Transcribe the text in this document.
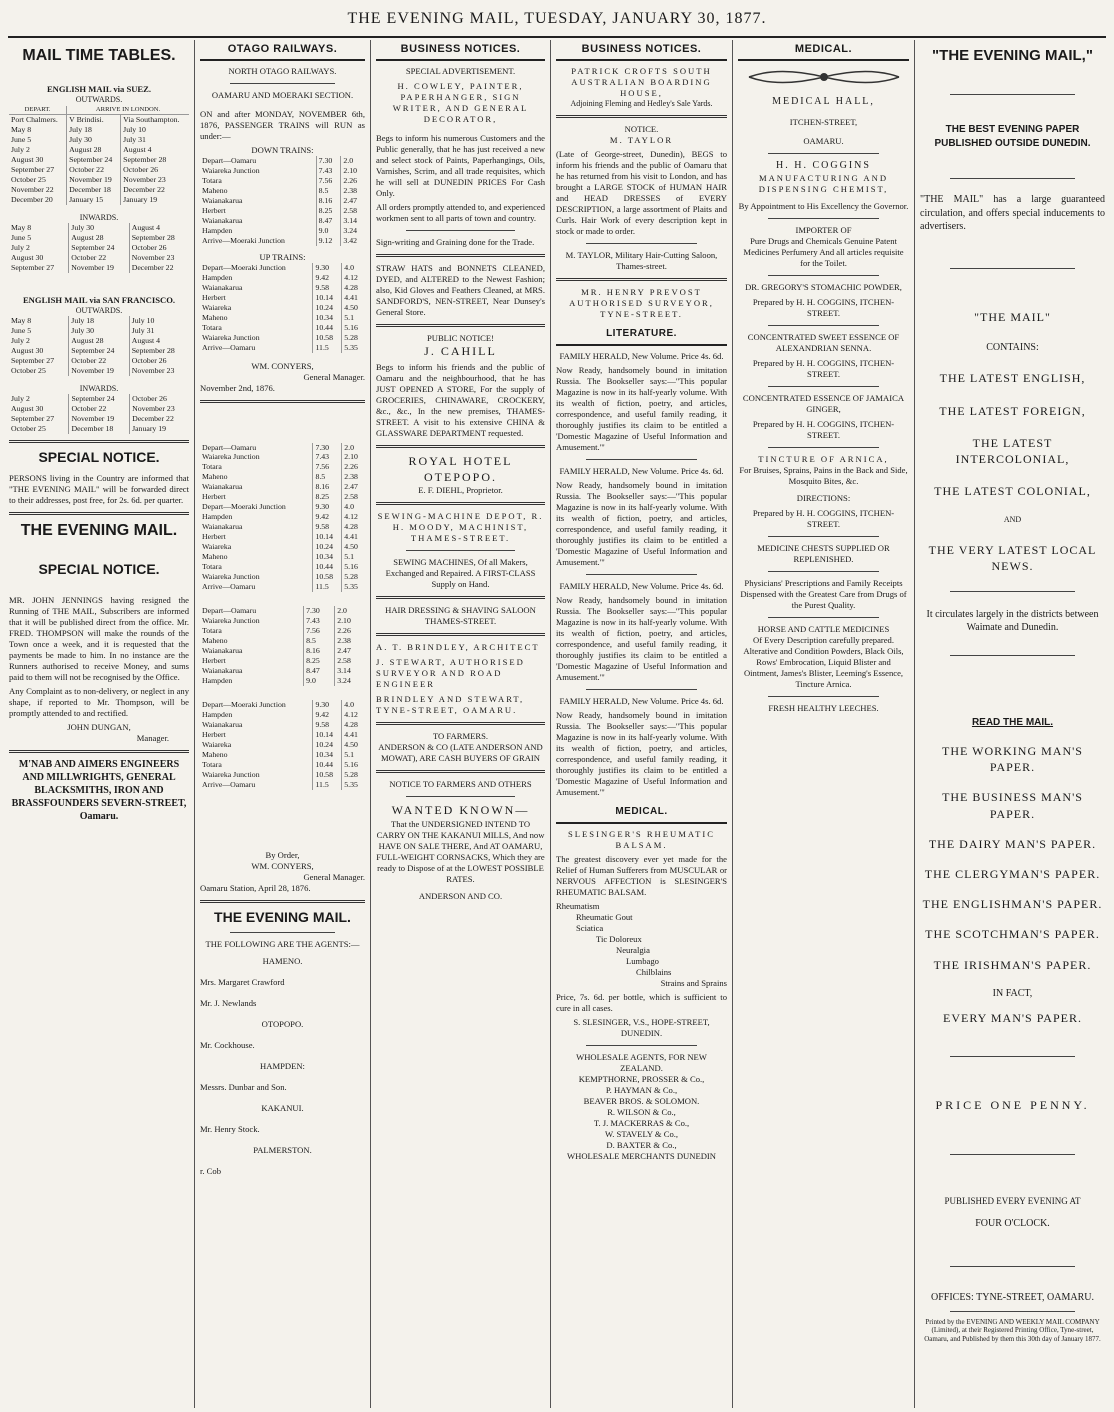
THE EVENING MAIL, TUESDAY, JANUARY 30, 1877.
MAIL TIME TABLES.
ENGLISH MAIL via SUEZ.
OUTWARDS.
DEPART.	ARRIVE IN LONDON.	
Port Chalmers.	V Brindisi.	Via Southampton.
May 8	July 18	July 10
June 5	July 30	July 31
July 2	August 28	August 4
August 30	September 24	September 28
September 27	October 22	October 26
October 25	November 19	November 23
November 22	December 18	December 22
December 20	January 15	January 19
INWARDS.
May 8	July 30	August 4
June 5	August 28	September 28
July 2	September 24	October 26
August 30	October 22	November 23
September 27	November 19	December 22
ENGLISH MAIL via SAN FRANCISCO.
OUTWARDS.
May 8	July 18	July 10
June 5	July 30	July 31
July 2	August 28	August 4
August 30	September 24	September 28
September 27	October 22	October 26
October 25	November 19	November 23
INWARDS.
July 2	September 24	October 26
August 30	October 22	November 23
September 27	November 19	December 22
October 25	December 18	January 19
SPECIAL NOTICE.

PERSONS living in the Country are informed that "THE EVENING MAIL" will be forwarded direct to their addresses, post free, for 2s. 6d. per quarter.

THE EVENING MAIL.
SPECIAL NOTICE.

MR. JOHN JENNINGS having resigned the Running of THE MAIL, Subscribers are informed that it will be published direct from the office. Mr. FRED. THOMPSON will make the rounds of the Town once a week, and it is requested that the payments be made to him. In no instance are the Runners authorised to receive Money, and sums paid to them will not be recognised by the Office.

Any Complaint as to non-delivery, or neglect in any shape, if reported to Mr. Thompson, will be promptly attended to and rectified.

JOHN DUNGAN,
Manager.
M'NAB AND AIMERS ENGINEERS AND MILLWRIGHTS, GENERAL BLACKSMITHS, IRON AND BRASSFOUNDERS SEVERN-STREET, Oamaru.
OTAGO RAILWAYS.
NORTH OTAGO RAILWAYS.
OAMARU AND MOERAKI SECTION.

ON and after MONDAY, NOVEMBER 6th, 1876, PASSENGER TRAINS will RUN as under:—

DOWN TRAINS:
Depart—Oamaru	7.30	2.0
Waiareka Junction	7.43	2.10
Totara	7.56	2.26
Maheno	8.5	2.38
Waianakarua	8.16	2.47
Herbert	8.25	2.58
Waianakarua	8.47	3.14
Hampden	9.0	3.24
Arrive—Moeraki Junction	9.12	3.42
UP TRAINS:
Depart—Moeraki Junction	9.30	4.0
Hampden	9.42	4.12
Waianakarua	9.58	4.28
Herbert	10.14	4.41
Waiareka	10.24	4.50
Maheno	10.34	5.1
Totara	10.44	5.16
Waiareka Junction	10.58	5.28
Arrive—Oamaru	11.5	5.35
WM. CONYERS,
General Manager.
November 2nd, 1876.
Depart—Oamaru	7.30	2.0
Waiareka Junction	7.43	2.10
Totara	7.56	2.26
Maheno	8.5	2.38
Waianakarua	8.16	2.47
Herbert	8.25	2.58
Depart—Moeraki Junction	9.30	4.0
Hampden	9.42	4.12
Waianakarua	9.58	4.28
Herbert	10.14	4.41
Waiareka	10.24	4.50
Maheno	10.34	5.1
Totara	10.44	5.16
Waiareka Junction	10.58	5.28
Arrive—Oamaru	11.5	5.35
Depart—Oamaru	7.30	2.0
Waiareka Junction	7.43	2.10
Totara	7.56	2.26
Maheno	8.5	2.38
Waianakarua	8.16	2.47
Herbert	8.25	2.58
Waianakarua	8.47	3.14
Hampden	9.0	3.24
Depart—Moeraki Junction	9.30	4.0
Hampden	9.42	4.12
Waianakarua	9.58	4.28
Herbert	10.14	4.41
Waiareka	10.24	4.50
Maheno	10.34	5.1
Totara	10.44	5.16
Waiareka Junction	10.58	5.28
Arrive—Oamaru	11.5	5.35
By Order,
WM. CONYERS,
General Manager.
Oamaru Station, April 28, 1876.
THE EVENING MAIL.
THE FOLLOWING ARE THE AGENTS:—
HAMENO.
Mrs. Margaret Crawford
Mr. J. Newlands
OTOPOPO.
Mr. Cockhouse.
HAMPDEN:
Messrs. Dunbar and Son.
KAKANUI.
Mr. Henry Stock.
PALMERSTON.
r. Cob
BUSINESS NOTICES.
SPECIAL ADVERTISEMENT.
H. COWLEY, PAINTER, PAPERHANGER, SIGN WRITER, AND GENERAL DECORATOR,

Begs to inform his numerous Customers and the Public generally, that he has just received a new and select stock of Paints, Paperhangings, Oils, Varnishes, Scrim, and all trade requisites, which he will sell at DUNEDIN PRICES For Cash Only.

All orders promptly attended to, and experienced workmen sent to all parts of town and country.

Sign-writing and Graining done for the Trade.

STRAW HATS and BONNETS CLEANED, DYED, and ALTERED to the Newest Fashion; also, Kid Gloves and Feathers Cleaned, at MRS. SANDFORD'S, NEN-STREET, Near Dunsey's General Store.

PUBLIC NOTICE!
J. CAHILL

Begs to inform his friends and the public of Oamaru and the neighbourhood, that he has JUST OPENED A STORE, For the supply of GROCERIES, CHINAWARE, CROCKERY, &c., &c., In the new premises, THAMES-STREET. A visit to his extensive CHINA & GLASSWARE DEPARTMENT requested.

ROYAL HOTEL OTEPOPO.
E. F. DIEHL, Proprietor.
SEWING-MACHINE DEPOT, R. H. MOODY, MACHINIST, THAMES-STREET.
SEWING MACHINES, Of all Makers, Exchanged and Repaired. A FIRST-CLASS Supply on Hand.
HAIR DRESSING & SHAVING SALOON THAMES-STREET.
A. T. BRINDLEY, ARCHITECT
J. STEWART, AUTHORISED SURVEYOR AND ROAD ENGINEER
BRINDLEY AND STEWART, TYNE-STREET, OAMARU.
TO FARMERS.
ANDERSON & CO (LATE ANDERSON AND MOWAT), ARE CASH BUYERS OF GRAIN
NOTICE TO FARMERS AND OTHERS
WANTED KNOWN—
That the UNDERSIGNED INTEND TO CARRY ON THE KAKANUI MILLS, And now HAVE ON SALE THERE, And AT OAMARU, FULL-WEIGHT CORNSACKS, Which they are ready to Dispose of at the LOWEST POSSIBLE RATES.
ANDERSON AND CO.
BUSINESS NOTICES.
PATRICK CROFTS SOUTH AUSTRALIAN BOARDING HOUSE,
Adjoining Fleming and Hedley's Sale Yards.
NOTICE.
M. TAYLOR

(Late of George-street, Dunedin), BEGS to inform his friends and the public of Oamaru that he has returned from his visit to London, and has brought a LARGE STOCK of HUMAN HAIR and HEAD DRESSES of EVERY DESCRIPTION, a large assortment of Plaits and Curls. Hair Work of every description kept in stock or made to order.

M. TAYLOR, Military Hair-Cutting Saloon, Thames-street.
MR. HENRY PREVOST AUTHORISED SURVEYOR, TYNE-STREET.
LITERATURE.
FAMILY HERALD, New Volume. Price 4s. 6d.

Now Ready, handsomely bound in imitation Russia. The Bookseller says:—"This popular Magazine is now in its half-yearly volume. With its wealth of fiction, poetry, and articles, correspondence, and useful family reading, it thoroughly justifies its claim to be entitled a 'Domestic Magazine of Useful Information and Amusement.'"

FAMILY HERALD, New Volume. Price 4s. 6d.

Now Ready, handsomely bound in imitation Russia. The Bookseller says:—"This popular Magazine is now in its half-yearly volume. With its wealth of fiction, poetry, and articles, correspondence, and useful family reading, it thoroughly justifies its claim to be entitled a 'Domestic Magazine of Useful Information and Amusement.'"

FAMILY HERALD, New Volume. Price 4s. 6d.

Now Ready, handsomely bound in imitation Russia. The Bookseller says:—"This popular Magazine is now in its half-yearly volume. With its wealth of fiction, poetry, and articles, correspondence, and useful family reading, it thoroughly justifies its claim to be entitled a 'Domestic Magazine of Useful Information and Amusement.'"

FAMILY HERALD, New Volume. Price 4s. 6d.

Now Ready, handsomely bound in imitation Russia. The Bookseller says:—"This popular Magazine is now in its half-yearly volume. With its wealth of fiction, poetry, and articles, correspondence, and useful family reading, it thoroughly justifies its claim to be entitled a 'Domestic Magazine of Useful Information and Amusement.'"

MEDICAL.
SLESINGER'S RHEUMATIC BALSAM.

The greatest discovery ever yet made for the Relief of Human Sufferers from MUSCULAR or NERVOUS AFFECTION is SLESINGER'S RHEUMATIC BALSAM.

Rheumatism
Rheumatic Gout
Sciatica
Tic Doloreux
Neuralgia
Lumbago
Chilblains
Strains and Sprains

Price, 7s. 6d. per bottle, which is sufficient to cure in all cases.

S. SLESINGER, V.S., HOPE-STREET, DUNEDIN.
WHOLESALE AGENTS, FOR NEW ZEALAND.
KEMPTHORNE, PROSSER & Co.,
P. HAYMAN & Co.,
BEAVER BROS. & SOLOMON.
R. WILSON & Co.,
T. J. MACKERRAS & Co.,
W. STAVELY & Co.,
D. BAXTER & Co.,
WHOLESALE MERCHANTS DUNEDIN
MEDICAL.
MEDICAL HALL,
ITCHEN-STREET,
OAMARU.
H. H. COGGINS
MANUFACTURING AND DISPENSING CHEMIST,
By Appointment to His Excellency the Governor.
IMPORTER OF
Pure Drugs and Chemicals Genuine Patent Medicines Perfumery And all articles requisite for the Toilet.
DR. GREGORY'S STOMACHIC POWDER,
Prepared by H. H. COGGINS, ITCHEN-STREET.
CONCENTRATED SWEET ESSENCE OF ALEXANDRIAN SENNA.
Prepared by H. H. COGGINS, ITCHEN-STREET.
CONCENTRATED ESSENCE OF JAMAICA GINGER,
Prepared by H. H. COGGINS, ITCHEN-STREET.
TINCTURE OF ARNICA,
For Bruises, Sprains, Pains in the Back and Side, Mosquito Bites, &c.
DIRECTIONS:
Prepared by H. H. COGGINS, ITCHEN-STREET.
MEDICINE CHESTS SUPPLIED OR REPLENISHED.
Physicians' Prescriptions and Family Receipts Dispensed with the Greatest Care from Drugs of the Purest Quality.
HORSE AND CATTLE MEDICINES
Of Every Description carefully prepared. Alterative and Condition Powders, Black Oils, Rows' Embrocation, Liquid Blister and Ointment, James's Blister, Leeming's Essence, Tincture Arnica.
FRESH HEALTHY LEECHES.
"THE EVENING MAIL,"
THE BEST EVENING PAPER PUBLISHED OUTSIDE DUNEDIN.

"THE MAIL" has a large guaranteed circulation, and offers special inducements to advertisers.

"THE MAIL"
CONTAINS:
THE LATEST ENGLISH,
THE LATEST FOREIGN,
THE LATEST INTERCOLONIAL,
THE LATEST COLONIAL,
AND
THE VERY LATEST LOCAL NEWS.
It circulates largely in the districts between Waimate and Dunedin.
READ THE MAIL.
THE WORKING MAN'S PAPER.
THE BUSINESS MAN'S PAPER.
THE DAIRY MAN'S PAPER.
THE CLERGYMAN'S PAPER.
THE ENGLISHMAN'S PAPER.
THE SCOTCHMAN'S PAPER.
THE IRISHMAN'S PAPER.
IN FACT,
EVERY MAN'S PAPER.
PRICE ONE PENNY.
PUBLISHED EVERY EVENING AT
FOUR O'CLOCK.
OFFICES: TYNE-STREET, OAMARU.
Printed by the EVENING AND WEEKLY MAIL COMPANY (Limited), at their Registered Printing Office, Tyne-street, Oamaru, and Published by them this 30th day of January 1877.
